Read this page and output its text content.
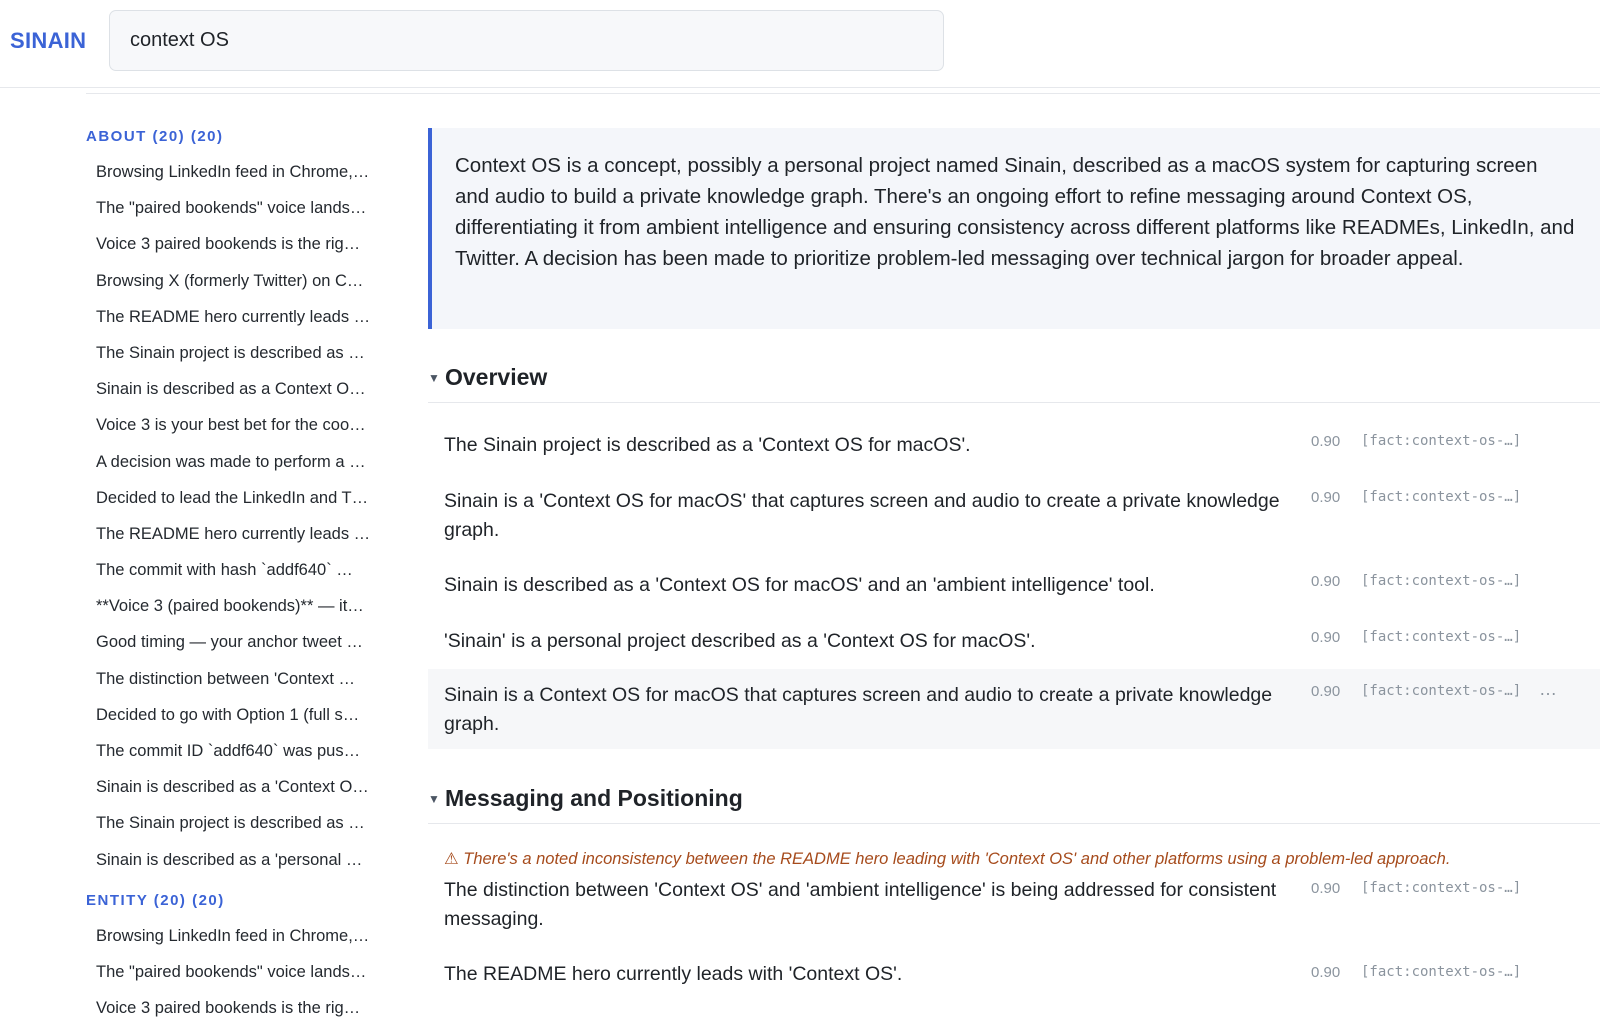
SINAIN
context OS
ABOUT (20) (20)
Browsing LinkedIn feed in Chrome,…
The "paired bookends" voice lands…
Voice 3 paired bookends is the rig…
Browsing X (formerly Twitter) on C…
The README hero currently leads …
The Sinain project is described as …
Sinain is described as a Context O…
Voice 3 is your best bet for the coo…
A decision was made to perform a …
Decided to lead the LinkedIn and T…
The README hero currently leads …
The commit with hash `addf640` …
**Voice 3 (paired bookends)** — it…
Good timing — your anchor tweet …
The distinction between 'Context …
Decided to go with Option 1 (full s…
The commit ID `addf640` was pus…
Sinain is described as a 'Context O…
The Sinain project is described as …
Sinain is described as a 'personal …
ENTITY (20) (20)
Browsing LinkedIn feed in Chrome,…
The "paired bookends" voice lands…
Voice 3 paired bookends is the rig…
Context OS is a concept, possibly a personal project named Sinain, described as a macOS system for capturing screen and audio to build a private knowledge graph. There's an ongoing effort to refine messaging around Context OS, differentiating it from ambient intelligence and ensuring consistency across different platforms like READMEs, LinkedIn, and Twitter. A decision has been made to prioritize problem-led messaging over technical jargon for broader appeal.
▼ Overview
The Sinain project is described as a 'Context OS for macOS'.	0.90 [fact:context-os-…]
Sinain is a 'Context OS for macOS' that captures screen and audio to create a private knowledge graph.
0.90 [fact:context-os-…]
Sinain is described as a 'Context OS for macOS' and an 'ambient intelligence' tool.	0.90 [fact:context-os-…]
'Sinain' is a personal project described as a 'Context OS for macOS'.	0.90 [fact:context-os-…]
Sinain is a Context OS for macOS that captures screen and audio to create a private knowledge graph.
0.90 [fact:context-os-…] …
▼ Messaging and Positioning
⚠ There's a noted inconsistency between the README hero leading with 'Context OS' and other platforms using a problem-led approach.
The distinction between 'Context OS' and 'ambient intelligence' is being addressed for consistent messaging.
0.90 [fact:context-os-…]
The README hero currently leads with 'Context OS'.	0.90 [fact:context-os-…]
